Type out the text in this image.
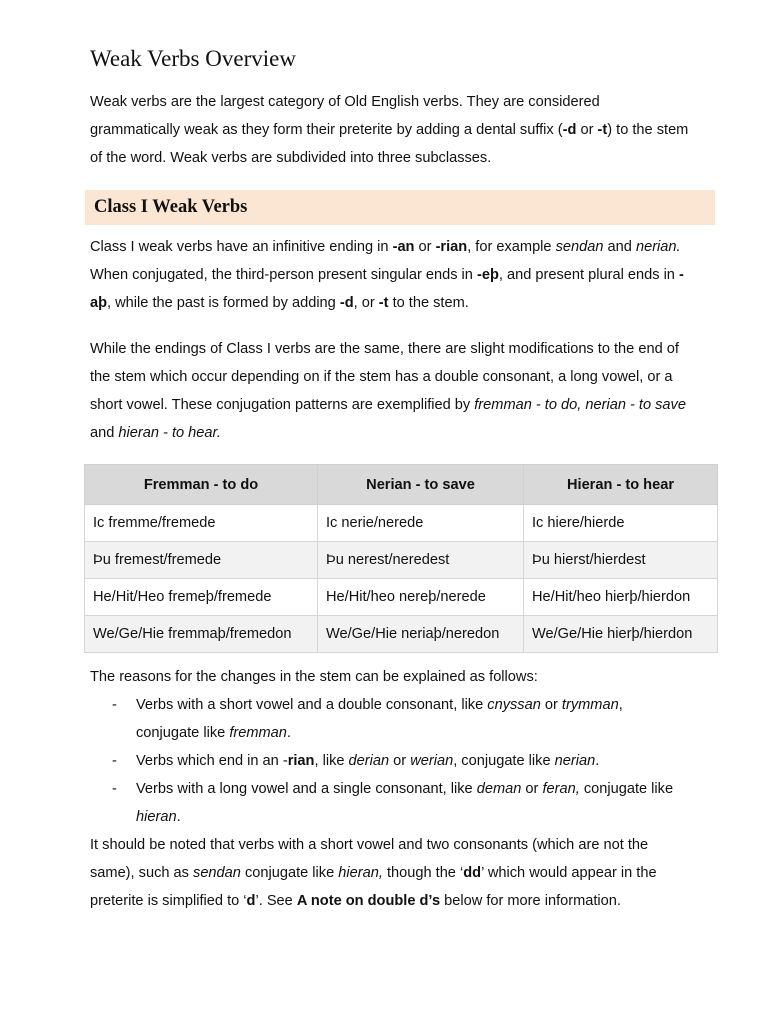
Weak Verbs Overview

Weak verbs are the largest category of Old English verbs. They are considered grammatically weak as they form their preterite by adding a dental suffix (-d or -t) to the stem of the word. Weak verbs are subdivided into three subclasses.

Class I Weak Verbs

Class I weak verbs have an infinitive ending in -an or -rian, for example sendan and nerian. When conjugated, the third-person present singular ends in -eþ, and present plural ends in -aþ, while the past is formed by adding -d, or -t to the stem.

While the endings of Class I verbs are the same, there are slight modifications to the end of the stem which occur depending on if the stem has a double consonant, a long vowel, or a short vowel. These conjugation patterns are exemplified by fremman - to do, nerian - to save and hieran - to hear.

Fremman - to do	Nerian - to save	Hieran - to hear
Ic fremme/fremede	Ic nerie/nerede	Ic hiere/hierde
Þu fremest/fremede	Þu nerest/neredest	Þu hierst/hierdest
He/Hit/Heo fremeþ/fremede	He/Hit/heo nereþ/nerede	He/Hit/heo hierþ/hierdon
We/Ge/Hie fremmaþ/fremedon	We/Ge/Hie neriaþ/neredon	We/Ge/Hie hierþ/hierdon

The reasons for the changes in the stem can be explained as follows:

- Verbs with a short vowel and a double consonant, like cnyssan or trymman, conjugate like fremman.
- Verbs which end in an -rian, like derian or werian, conjugate like nerian.
- Verbs with a long vowel and a single consonant, like deman or feran, conjugate like hieran.

It should be noted that verbs with a short vowel and two consonants (which are not the same), such as sendan conjugate like hieran, though the ‘dd’ which would appear in the preterite is simplified to ‘d’. See A note on double d’s below for more information.
